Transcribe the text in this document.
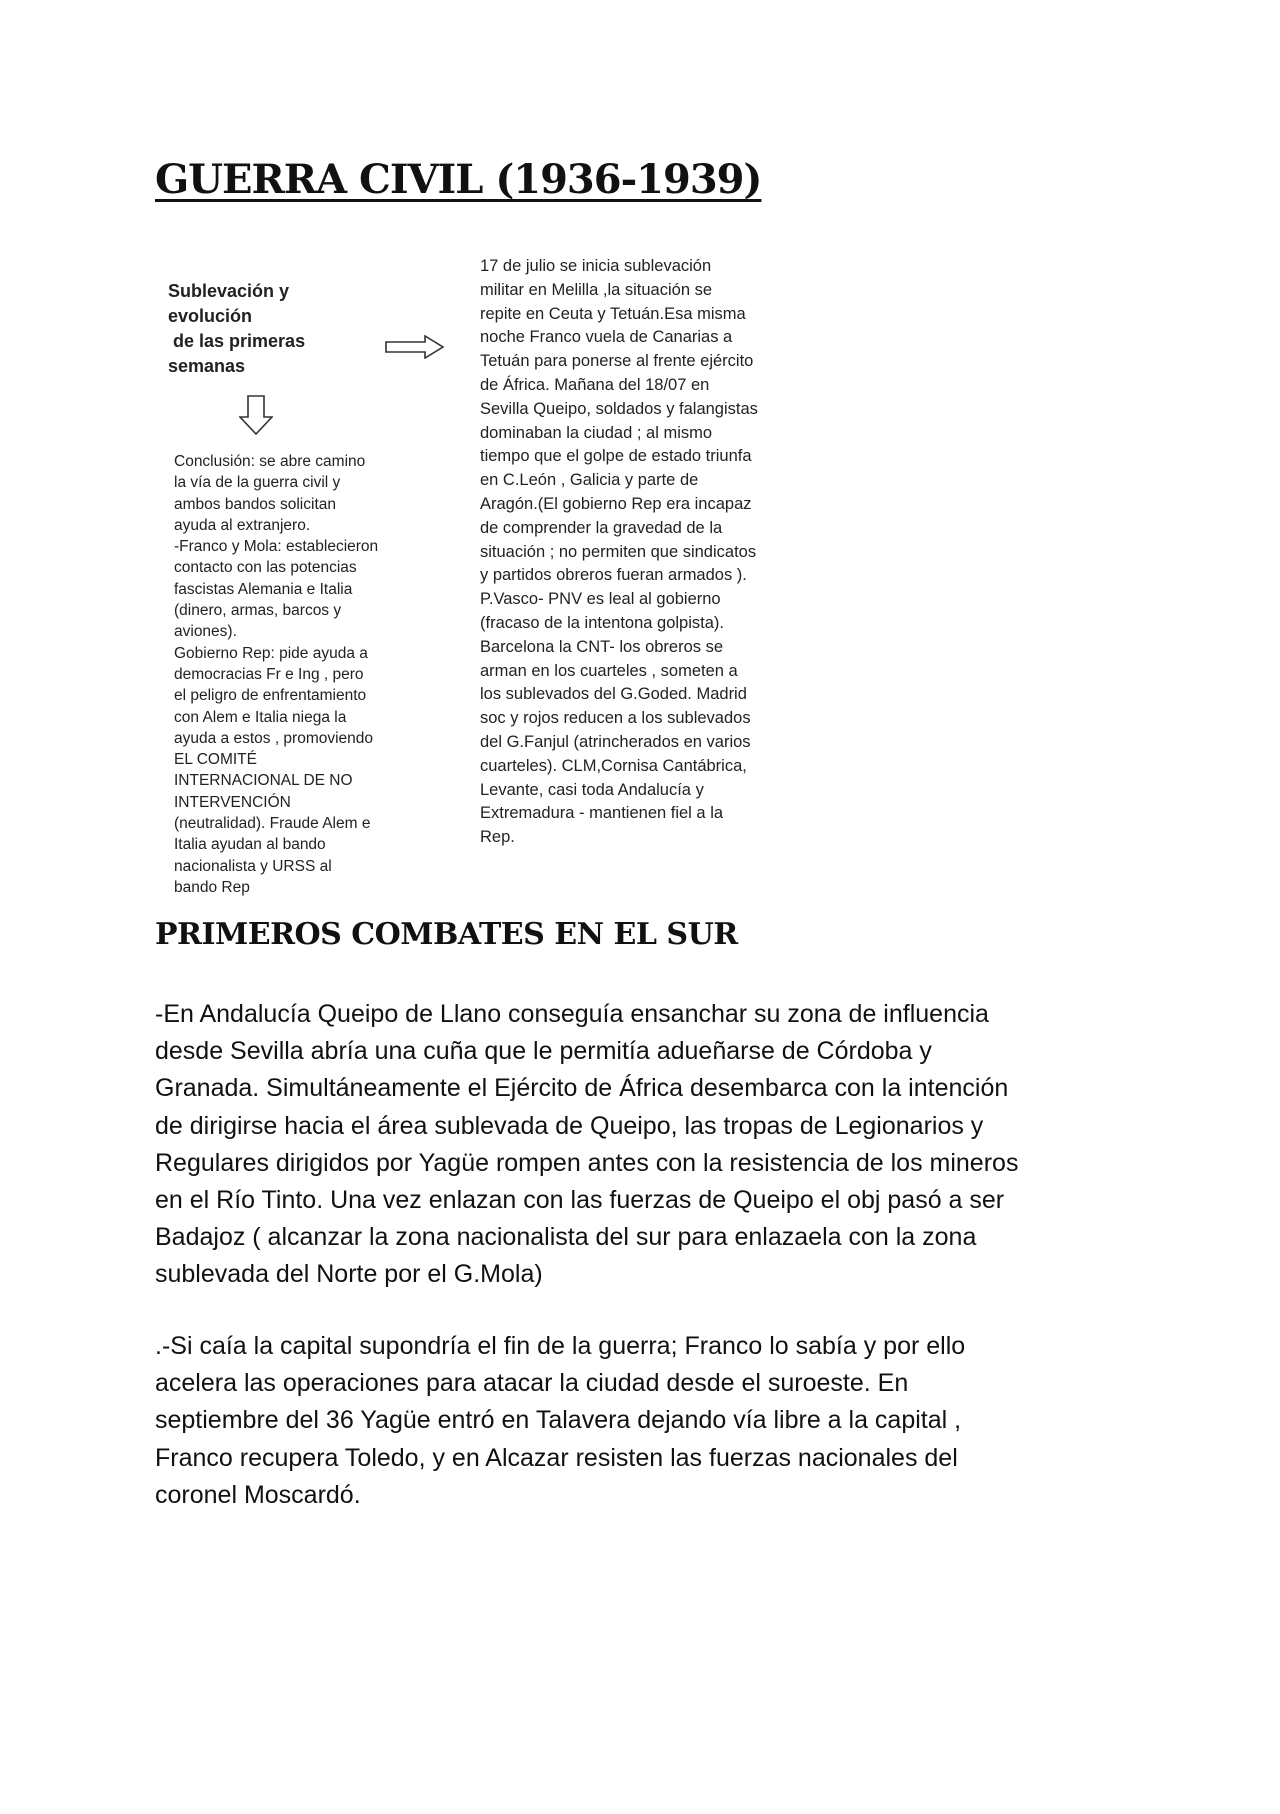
GUERRA CIVIL (1936-1939)
Sublevación y
evolución
de las primeras
semanas

Conclusión: se abre camino
la vía de la guerra civil y
ambos bandos solicitan
ayuda al extranjero.
-Franco y Mola: establecieron
contacto con las potencias
fascistas Alemania e Italia
(dinero, armas, barcos y
aviones).
Gobierno Rep: pide ayuda a
democracias Fr e Ing , pero
el peligro de enfrentamiento
con Alem e Italia niega la
ayuda a estos , promoviendo
EL COMITÉ
INTERNACIONAL DE NO
INTERVENCIÓN
(neutralidad). Fraude Alem e
Italia ayudan al bando
nacionalista y URSS al
bando Rep

17 de julio se inicia sublevación
militar en Melilla ,la situación se
repite en Ceuta y Tetuán.Esa misma
noche Franco vuela de Canarias a
Tetuán para ponerse al frente ejército
de África. Mañana del 18/07 en
Sevilla Queipo, soldados y falangistas
dominaban la ciudad ; al mismo
tiempo que el golpe de estado triunfa
en C.León , Galicia y parte de
Aragón.(El gobierno Rep era incapaz
de comprender la gravedad de la
situación ; no permiten que sindicatos
y partidos obreros fueran armados ).
P.Vasco- PNV es leal al gobierno
(fracaso de la intentona golpista).
Barcelona la CNT- los obreros se
arman en los cuarteles , someten a
los sublevados del G.Goded. Madrid
soc y rojos reducen a los sublevados
del G.Fanjul (atrincherados en varios
cuarteles). CLM,Cornisa Cantábrica,
Levante, casi toda Andalucía y
Extremadura - mantienen fiel a la
Rep.

PRIMEROS COMBATES EN EL SUR

-En Andalucía Queipo de Llano conseguía ensanchar su zona de influencia
desde Sevilla abría una cuña que le permitía adueñarse de Córdoba y
Granada. Simultáneamente el Ejército de África desembarca con la intención
de dirigirse hacia el área sublevada de Queipo, las tropas de Legionarios y
Regulares dirigidos por Yagüe rompen antes con la resistencia de los mineros
en el Río Tinto. Una vez enlazan con las fuerzas de Queipo el obj pasó a ser
Badajoz ( alcanzar la zona nacionalista del sur para enlazaela con la zona
sublevada del Norte por el G.Mola)

.-Si caía la capital supondría el fin de la guerra; Franco lo sabía y por ello
acelera las operaciones para atacar la ciudad desde el suroeste. En
septiembre del 36 Yagüe entró en Talavera dejando vía libre a la capital ,
Franco recupera Toledo, y en Alcazar resisten las fuerzas nacionales del
coronel Moscardó.
